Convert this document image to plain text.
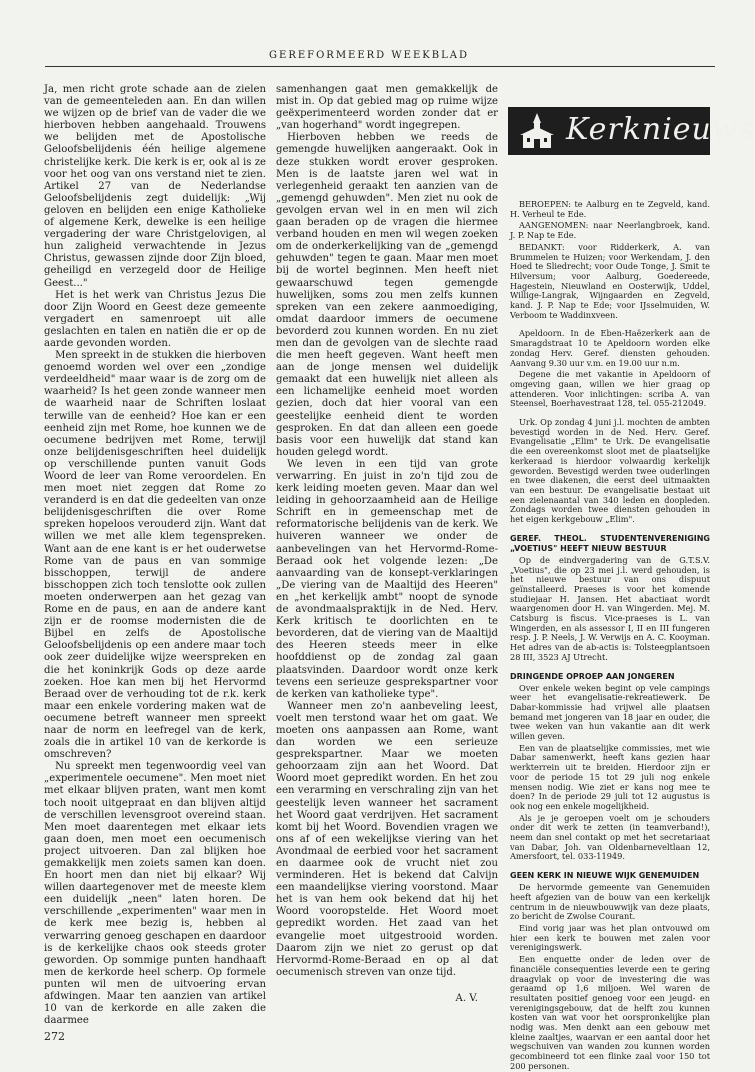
GEREFORMEERD WEEKBLAD

Ja, men richt grote schade aan de zielen van de gemeenteleden aan. En dan willen we wijzen op de brief van de vader die we hierboven hebben aangehaald. Trouwens we belijden met de Apostolische Geloofsbelijdenis één heilige algemene christelijke kerk. Die kerk is er, ook al is ze voor het oog van ons verstand niet te zien. Artikel 27 van de Nederlandse Geloofsbelijdenis zegt duidelijk: „Wij geloven en belijden een enige Katholieke of algemene Kerk, dewelke is een heilige vergadering der ware Christgelovigen, al hun zaligheid verwachtende in Jezus Christus, gewassen zijnde door Zijn bloed, geheiligd en verzegeld door de Heilige Geest..."

Het is het werk van Christus Jezus Die door Zijn Woord en Geest deze gemeente vergadert en samenroept uit alle geslachten en talen en natiën die er op de aarde gevonden worden.

Men spreekt in de stukken die hierboven genoemd worden wel over een „zondige verdeeldheid" maar waar is de zorg om de waarheid? Is het geen zonde wanneer men de waarheid naar de Schriften loslaat terwille van de eenheid? Hoe kan er een eenheid zijn met Rome, hoe kunnen we de oecumene bedrijven met Rome, terwijl onze belijdenisgeschriften heel duidelijk op verschillende punten vanuit Gods Woord de leer van Rome veroordelen. En men moet niet zeggen dat Rome zo veranderd is en dat die gedeelten van onze belijdenisgeschriften die over Rome spreken hopeloos verouderd zijn. Want dat willen we met alle klem tegenspreken. Want aan de ene kant is er het ouderwetse Rome van de paus en van sommige bisschoppen, terwijl de andere bisschoppen zich toch tenslotte ook zullen moeten onderwerpen aan het gezag van Rome en de paus, en aan de andere kant zijn er de roomse modernisten die de Bijbel en zelfs de Apostolische Geloofsbelijdenis op een andere maar toch ook zeer duidelijke wijze weerspreken en die het koninkrijk Gods op deze aarde zoeken. Hoe kan men bij het Hervormd Beraad over de verhouding tot de r.k. kerk maar een enkele vordering maken wat de oecumene betreft wanneer men spreekt naar de norm en leefregel van de kerk, zoals die in artikel 10 van de kerkorde is omschreven?

Nu spreekt men tegenwoordig veel van „experimentele oecumene". Men moet niet met elkaar blijven praten, want men komt toch nooit uitgepraat en dan blijven altijd de verschillen levensgroot overeind staan. Men moet daarentegen met elkaar iets gaan doen, men moet een oecumenisch project uitvoeren. Dan zal blijken hoe gemakkelijk men zoiets samen kan doen. En hoort men dan niet bij elkaar? Wij willen daartegenover met de meeste klem een duidelijk „neen" laten horen. De verschillende „experimenten" waar men in de kerk mee bezig is, hebben al verwarring genoeg geschapen en daardoor is de kerkelijke chaos ook steeds groter geworden. Op sommige punten handhaaft men de kerkorde heel scherp. Op formele punten wil men de uitvoering ervan afdwingen. Maar ten aanzien van artikel 10 van de kerkorde en alle zaken die daarmee

samenhangen gaat men gemakkelijk de mist in. Op dat gebied mag op ruime wijze geëxperimenteerd worden zonder dat er „van hogerhand" wordt ingegrepen.

Hierboven hebben we reeds de gemengde huwelijken aangeraakt. Ook in deze stukken wordt erover gesproken. Men is de laatste jaren wel wat in verlegenheid geraakt ten aanzien van de „gemengd gehuwden". Men ziet nu ook de gevolgen ervan wel in en men wil zich gaan beraden op de vragen die hiermee verband houden en men wil wegen zoeken om de onderkerkelijking van de „gemengd gehuwden" tegen te gaan. Maar men moet bij de wortel beginnen. Men heeft niet gewaarschuwd tegen gemengde huwelijken, soms zou men zelfs kunnen spreken van een zekere aanmoediging, omdat daardoor immers de oecumene bevorderd zou kunnen worden. En nu ziet men dan de gevolgen van de slechte raad die men heeft gegeven. Want heeft men aan de jonge mensen wel duidelijk gemaakt dat een huwelijk niet alleen als een lichamelijke eenheid moet worden gezien, doch dat hier vooral van een geestelijke eenheid dient te worden gesproken. En dat dan alleen een goede basis voor een huwelijk dat stand kan houden gelegd wordt.

We leven in een tijd van grote verwarring. En juist in zo'n tijd zou de kerk leiding moeten geven. Maar dan wel leiding in gehoorzaamheid aan de Heilige Schrift en in gemeenschap met de reformatorische belijdenis van de kerk. We huiveren wanneer we onder de aanbevelingen van het Hervormd-Rome-Beraad ook het volgende lezen: „De aanvaarding van de konsept-verklaringen „De viering van de Maaltijd des Heeren" en „het kerkelijk ambt" noopt de synode de avondmaalspraktijk in de Ned. Herv. Kerk kritisch te doorlichten en te bevorderen, dat de viering van de Maaltijd des Heeren steeds meer in elke hoofddienst op de zondag zal gaan plaatsvinden. Daardoor wordt onze kerk tevens een serieuze gesprekspartner voor de kerken van katholieke type".

Wanneer men zo'n aanbeveling leest, voelt men terstond waar het om gaat. We moeten ons aanpassen aan Rome, want dan worden we een serieuze gesprekspartner. Maar we moeten gehoorzaam zijn aan het Woord. Dat Woord moet gepredikt worden. En het zou een verarming en verschraling zijn van het geestelijk leven wanneer het sacrament het Woord gaat verdrijven. Het sacrament komt bij het Woord. Bovendien vragen we ons af of een wekelijkse viering van het Avondmaal de eerbied voor het sacrament en daarmee ook de vrucht niet zou verminderen. Het is bekend dat Calvijn een maandelijkse viering voorstond. Maar het is van hem ook bekend dat hij het Woord vooropstelde. Het Woord moet gepredikt worden. Het zaad van het evangelie moet uitgestrooid worden. Daarom zijn we niet zo gerust op dat Hervormd-Rome-Beraad en op al dat oecumenisch streven van onze tijd.

A. V.

Kerknieuws

BEROEPEN: te Aalburg en te Zegveld, kand. H. Verheul te Ede.

AANGENOMEN: naar Neerlangbroek, kand. J. P. Nap te Ede.

BEDANKT: voor Ridderkerk, A. van Brummelen te Huizen; voor Werkendam, J. den Hoed te Sliedrecht; voor Oude Tonge, J. Smit te Hilversum; voor Aalburg, Goedereede, Hagestein, Nieuwland en Oosterwijk, Uddel, Willige-Langrak, Wijngaarden en Zegveld, kand. J. P. Nap te Ede; voor IJsselmuiden, W. Verboom te Waddinxveen.

Apeldoorn. In de Eben-Haëzerkerk aan de Smaragdstraat 10 te Apeldoorn worden elke zondag Herv. Geref. diensten gehouden. Aanvang 9.30 uur v.m. en 19.00 uur n.m.

Degene die met vakantie in Apeldoorn of omgeving gaan, willen we hier graag op attenderen. Voor inlichtingen: scriba A. van Steensel, Boerhavestraat 128, tel. 055-212049.

Urk. Op zondag 4 juni j.l. mochten de ambten bevestigd worden in de Ned. Herv. Geref. Evangelisatie „Elim" te Urk. De evangelisatie die een overeenkomst sloot met de plaatselijke kerkeraad is hierdoor volwaardig kerkelijk geworden. Bevestigd werden twee ouderlingen en twee diakenen, die eerst deel uitmaakten van een bestuur. De evangelisatie bestaat uit een zielenaantal van 340 leden en doopleden. Zondags worden twee diensten gehouden in het eigen kerkgebouw „Elim".

GEREF. THEOL. STUDENTENVERENIGING „VOETIUS" HEEFT NIEUW BESTUUR

Op de eindvergadering van de G.T.S.V. „Voetius", die op 23 mei j.l. werd gehouden, is het nieuwe bestuur van ons dispuut geïnstalleerd. Praeses is voor het komende studiejaar H. Jansen. Het abactiaat wordt waargenomen door H. van Wingerden. Mej. M. Catsburg is fiscus. Vice-praeses is L. van Wingerden, en als assessor I, II en III fungeren resp. J. P. Neels, J. W. Verwijs en A. C. Kooyman. Het adres van de ab-actis is: Tolsteegplantsoen 28 III, 3523 AJ Utrecht.

DRINGENDE OPROEP AAN JONGEREN

Over enkele weken begint op vele campings weer het evangelisatie-rekreatiewerk. De Dabar-kommissie had vrijwel alle plaatsen bemand met jongeren van 18 jaar en ouder, die twee weken van hun vakantie aan dit werk willen geven.

Een van de plaatselijke commissies, met wie Dabar samenwerkt, heeft kans gezien haar werkterrein uit te breiden. Hierdoor zijn er voor de periode 15 tot 29 juli nog enkele mensen nodig. Wie ziet er kans nog mee te doen? In de periode 29 juli tot 12 augustus is ook nog een enkele mogelijkheid.

Als je je geroepen voelt om je schouders onder dit werk te zetten (in teamverband!), neem dan snel contakt op met het secretariaat van Dabar, Joh. van Oldenbarneveltlaan 12, Amersfoort, tel. 033-11949.

GEEN KERK IN NIEUWE WIJK GENEMUIDEN

De hervormde gemeente van Genemuiden heeft afgezien van de bouw van een kerkelijk centrum in de nieuwbouwwijk van deze plaats, zo bericht de Zwolse Courant.

Eind vorig jaar was het plan ontvouwd om hier een kerk te bouwen met zalen voor verenigingswerk.

Een enquette onder de leden over de financiële consequenties leverde een te gering draagvlak op voor de investering die was geraamd op 1,6 miljoen. Wel waren de resultaten positief genoeg voor een jeugd- en verenigingsgebouw, dat de helft zou kunnen kosten van wat voor het oorspronkelijke plan nodig was. Men denkt aan een gebouw met kleine zaaltjes, waarvan er een aantal door het wegschuiven van wanden zou kunnen worden gecombineerd tot een flinke zaal voor 150 tot 200 personen.

272
